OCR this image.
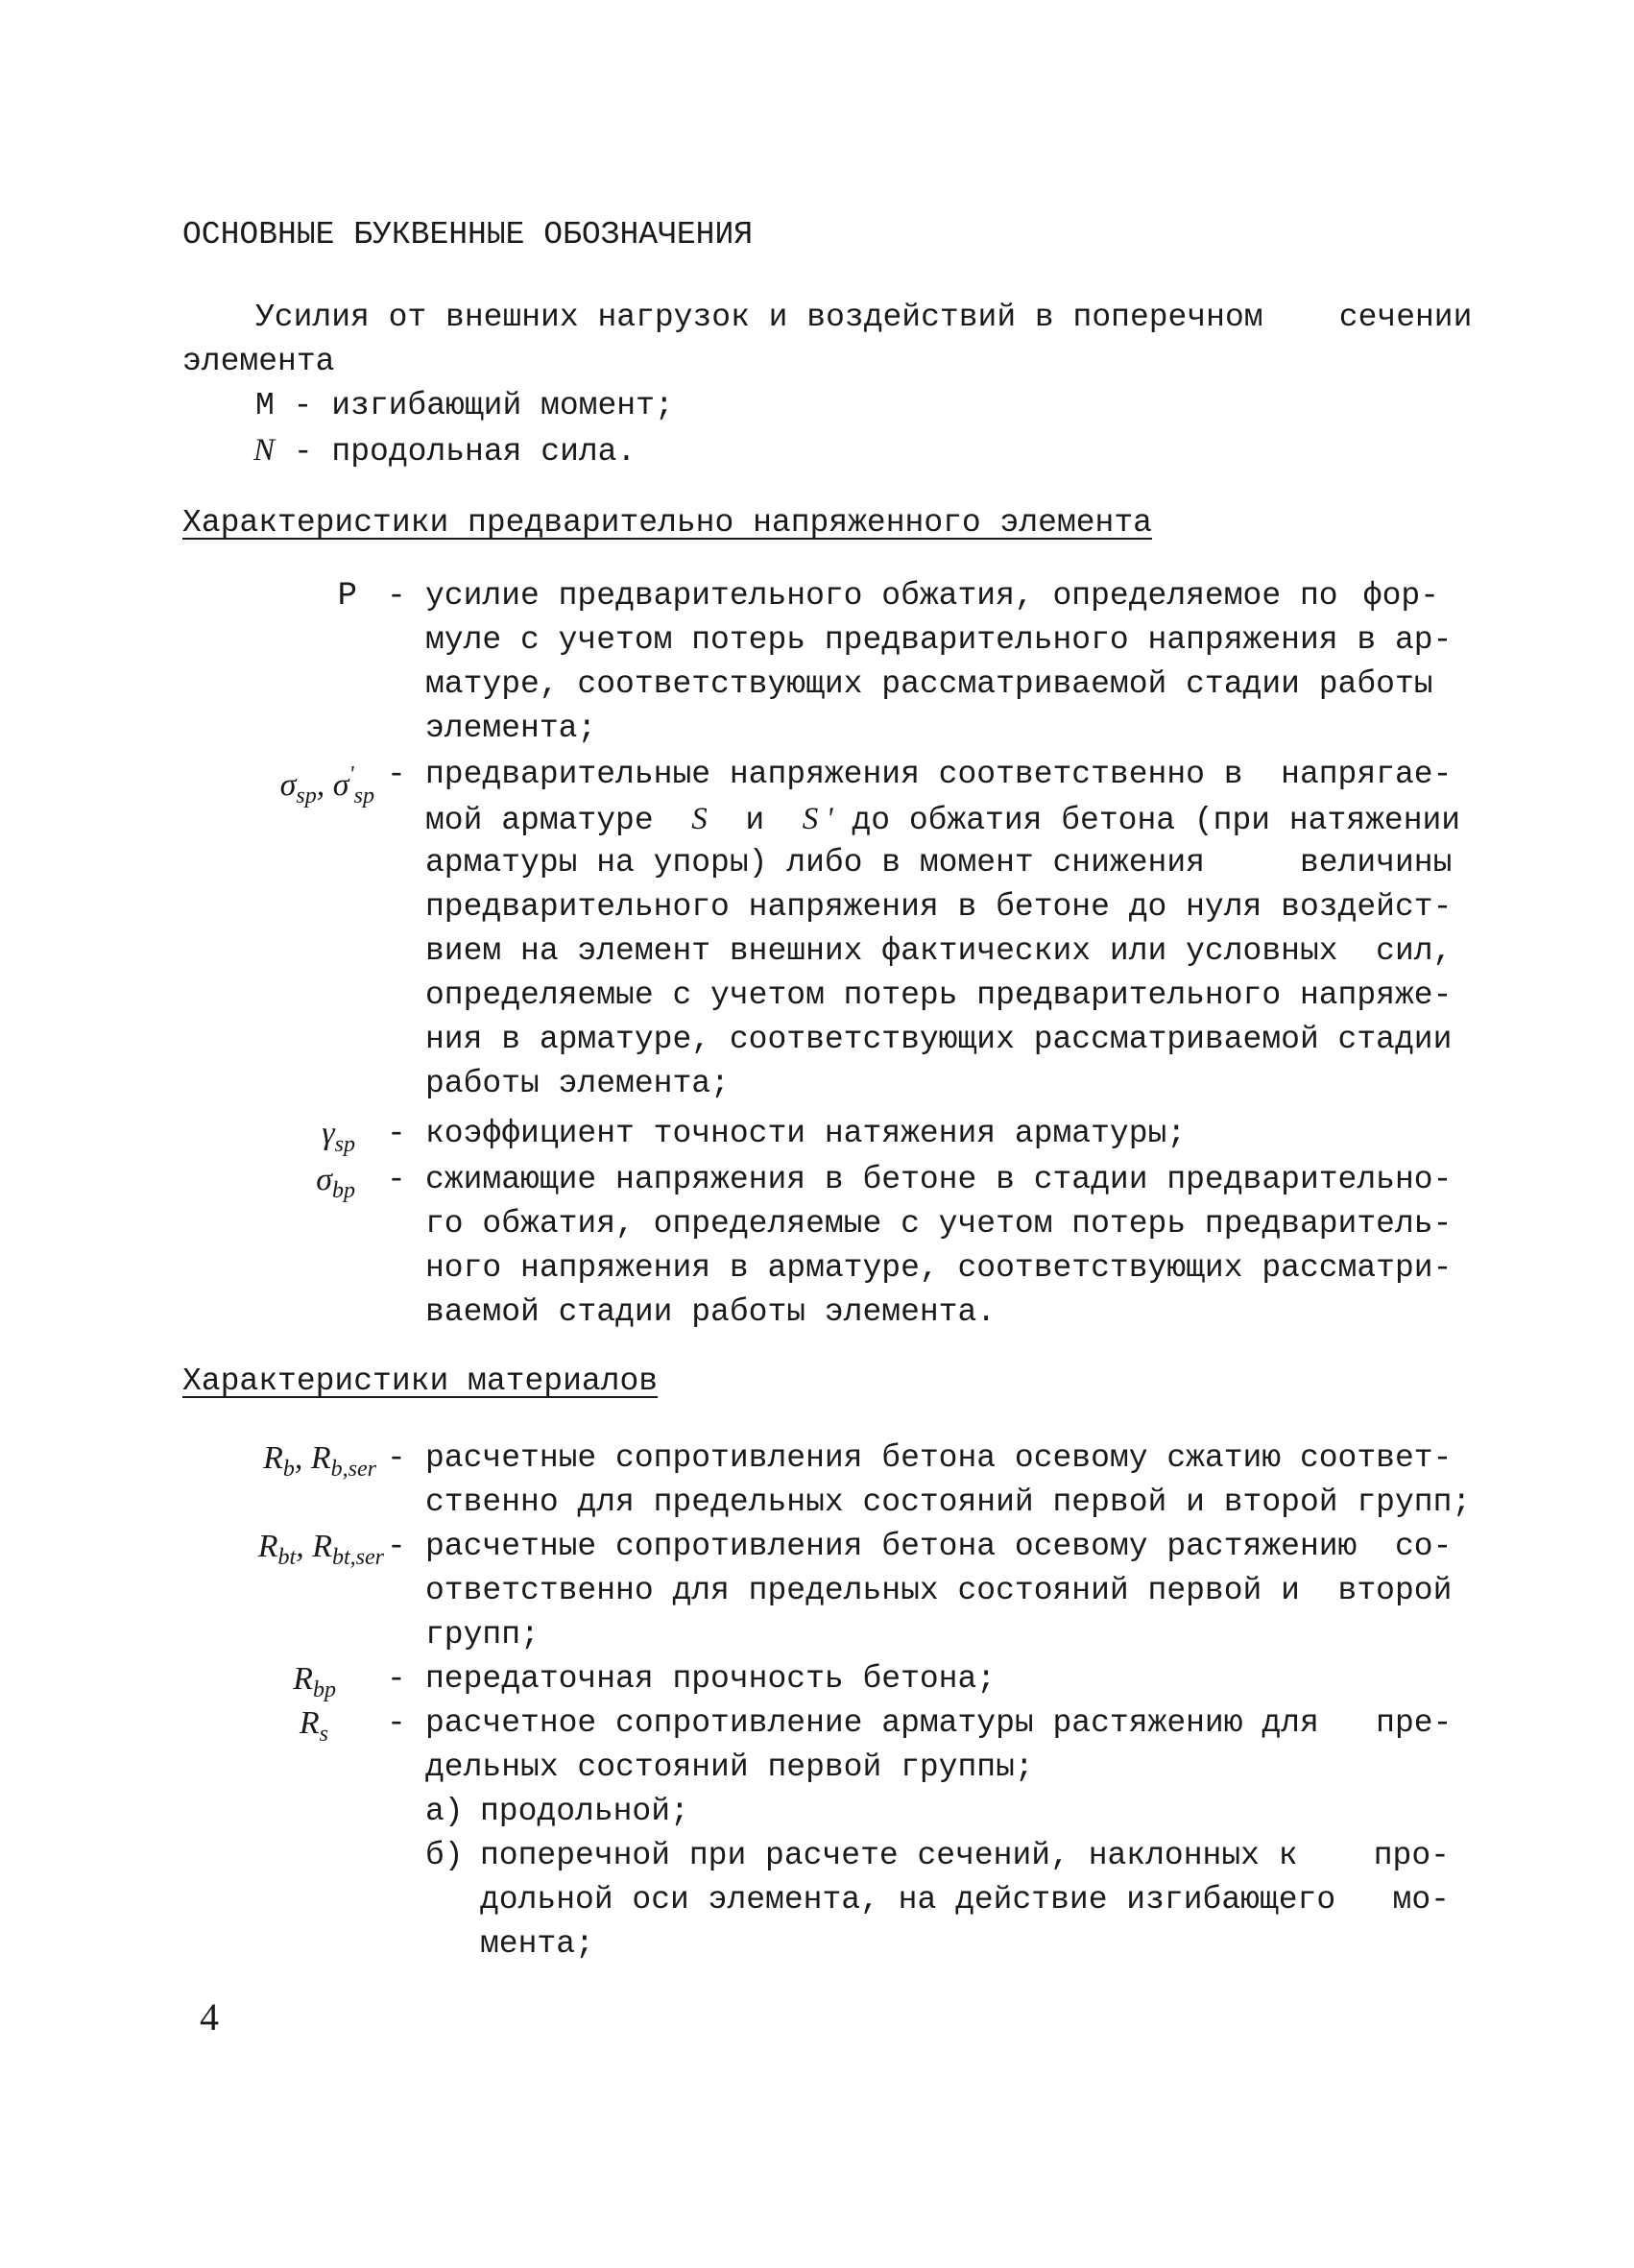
ОСНОВНЫЕ БУКВЕННЫЕ ОБОЗНАЧЕНИЯ
Усилия от внешних нагрузок и воздействий в поперечном    сечении
элемента
М - изгибающий момент;
N - продольная сила.
Характеристики предварительно напряженного элемента
P - усилие предварительного обжатия, определяемое по фор-
муле с учетом потерь предварительного напряжения в ар-
матуре, соответствующих рассматриваемой стадии работы
элемента;
$\sigma_{sp}$, $\sigma'_{sp}$
- предварительные напряжения соответственно в  напрягае-
мой арматуре S и S ' до обжатия бетона (при натяжении
арматуры на упоры) либо в момент снижения     величины
предварительного напряжения в бетоне до нуля воздейст-
вием на элемент внешних фактических или условных  сил,
определяемые с учетом потерь предварительного напряже-
ния в арматуре, соответствующих рассматриваемой стадии
работы элемента;
$\gamma_{sp}$ - коэффициент точности натяжения арматуры;
$\sigma_{bp}$ - сжимающие напряжения в бетоне в стадии предварительно-
го обжатия, определяемые с учетом потерь предваритель-
ного напряжения в арматуре, соответствующих рассматри-
ваемой стадии работы элемента.
Характеристики материалов
$R_b$, $R_{b,ser}$ - расчетные сопротивления бетона осевому сжатию соответ-
ственно для предельных состояний первой и второй групп;
$R_{bt}$, $R_{bt,ser}$ - расчетные сопротивления бетона осевому растяжению  со-
ответственно для предельных состояний первой и  второй
групп;
$R_{bp}$ - передаточная прочность бетона;
$R_s$ - расчетное сопротивление арматуры растяжению для   пре-
дельных состояний первой группы;
а) продольной;
б) поперечной при расчете сечений, наклонных к    про-
дольной оси элемента, на действие изгибающего   мо-
мента;
4
